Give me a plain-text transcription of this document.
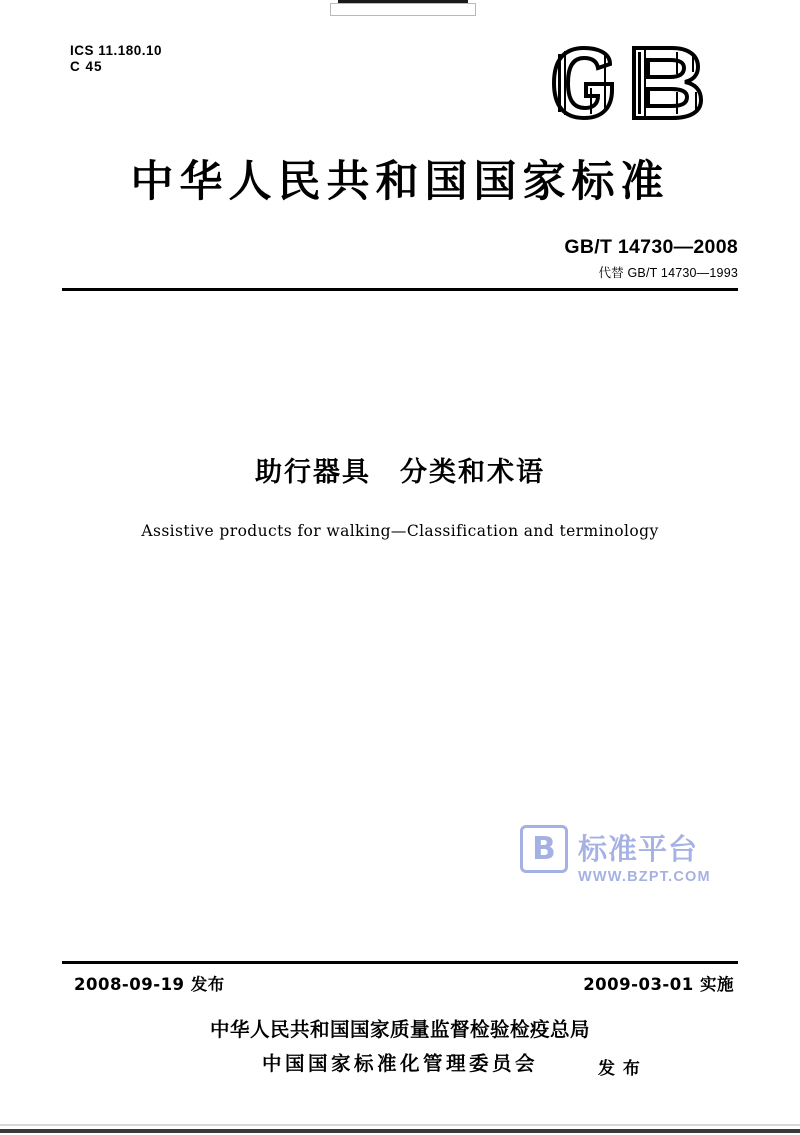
ICS 11.180.10
C 45
中华人民共和国国家标准
GB/T 14730—2008
代替 GB/T 14730—1993
助行器具　分类和术语
Assistive products for walking—Classification and terminology
B 标准平台
WWW.BZPT.COM
2008-09-19 发布	2009-03-01 实施
中华人民共和国国家质量监督检验检疫总局
中国国家标准化管理委员会	发 布
